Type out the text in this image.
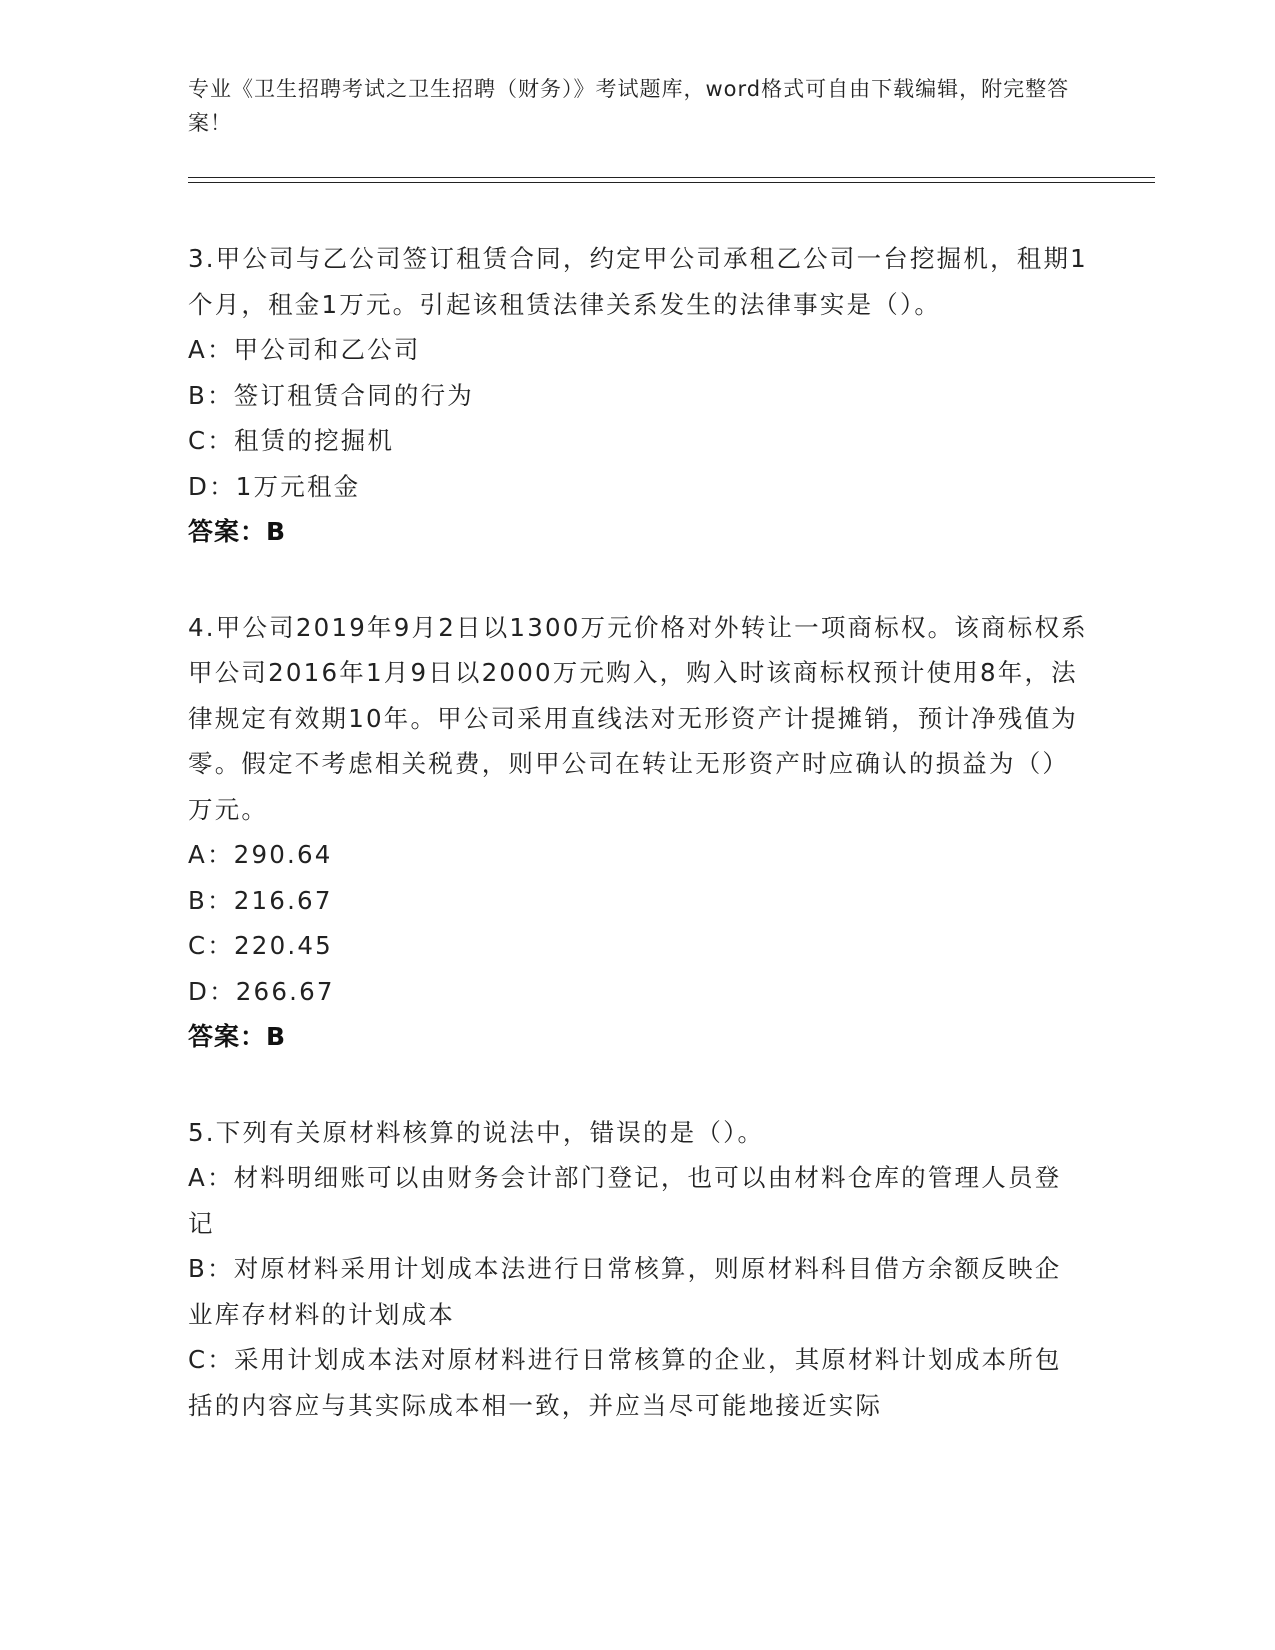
专业《卫生招聘考试之卫生招聘（财务）》考试题库，word格式可自由下载编辑，附完整答案！

3.甲公司与乙公司签订租赁合同，约定甲公司承租乙公司一台挖掘机，租期1个月，租金1万元。引起该租赁法律关系发生的法律事实是（）。

A：甲公司和乙公司

B：签订租赁合同的行为

C：租赁的挖掘机

D：1万元租金

答案：B

4.甲公司2019年9月2日以1300万元价格对外转让一项商标权。该商标权系甲公司2016年1月9日以2000万元购入，购入时该商标权预计使用8年，法律规定有效期10年。甲公司采用直线法对无形资产计提摊销，预计净残值为零。假定不考虑相关税费，则甲公司在转让无形资产时应确认的损益为（）万元。

A：290.64

B：216.67

C：220.45

D：266.67

答案：B

5.下列有关原材料核算的说法中，错误的是（）。

A：材料明细账可以由财务会计部门登记，也可以由材料仓库的管理人员登记

B：对原材料采用计划成本法进行日常核算，则原材料科目借方余额反映企业库存材料的计划成本

C：采用计划成本法对原材料进行日常核算的企业，其原材料计划成本所包括的内容应与其实际成本相一致，并应当尽可能地接近实际
